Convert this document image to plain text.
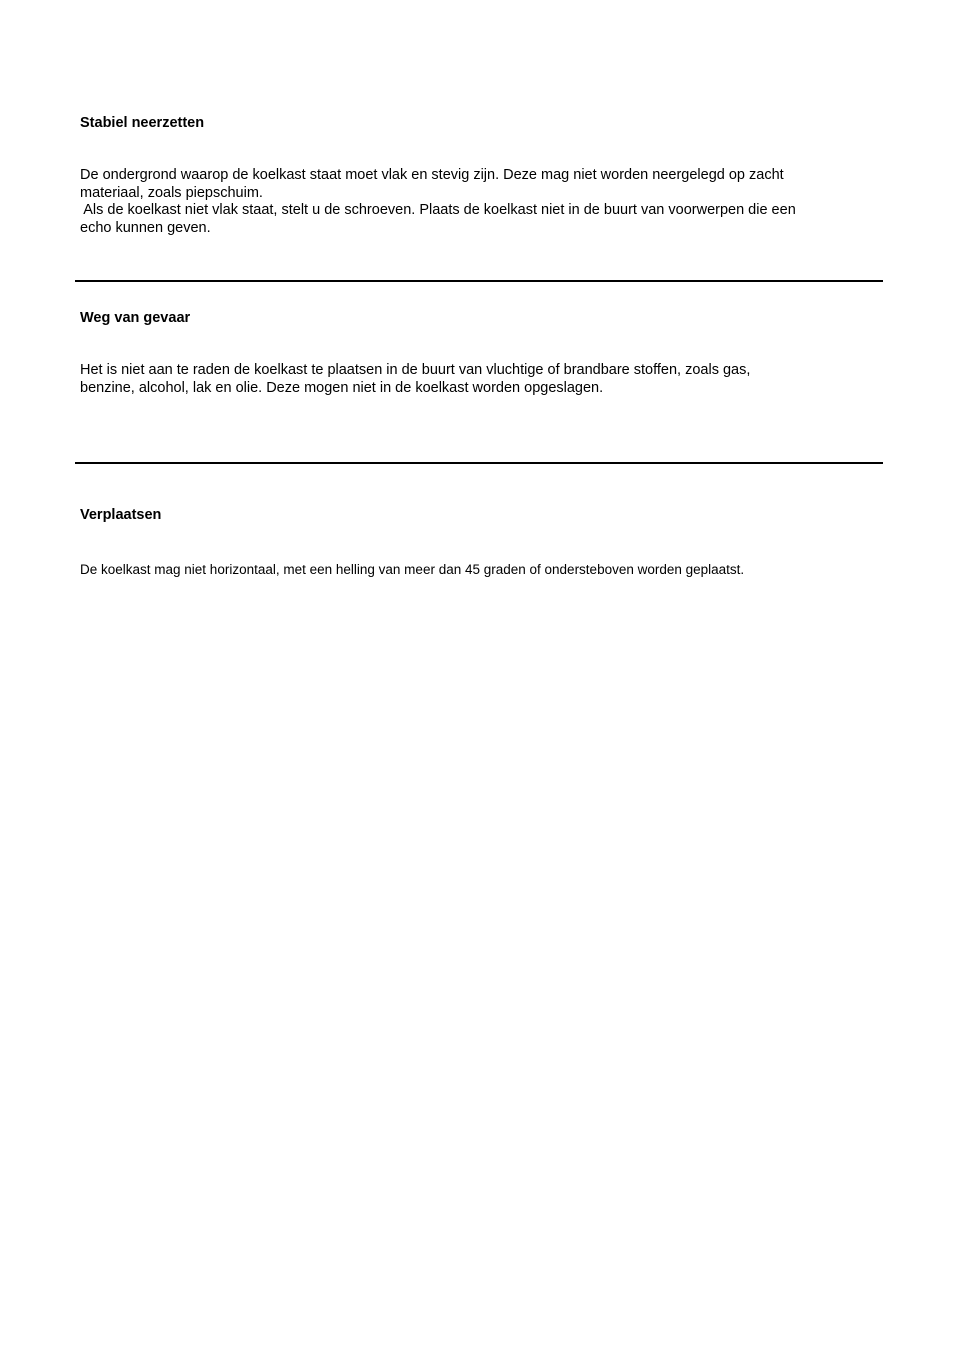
Stabiel neerzetten
De ondergrond waarop de koelkast staat moet vlak en stevig zijn. Deze mag niet worden neergelegd op zacht
materiaal, zoals piepschuim.
Als de koelkast niet vlak staat, stelt u de schroeven. Plaats de koelkast niet in de buurt van voorwerpen die een
echo kunnen geven.
Weg van gevaar
Het is niet aan te raden de koelkast te plaatsen in de buurt van vluchtige of brandbare stoffen, zoals gas,
benzine, alcohol, lak en olie. Deze mogen niet in de koelkast worden opgeslagen.
Verplaatsen
De koelkast mag niet horizontaal, met een helling van meer dan 45 graden of ondersteboven worden geplaatst.
